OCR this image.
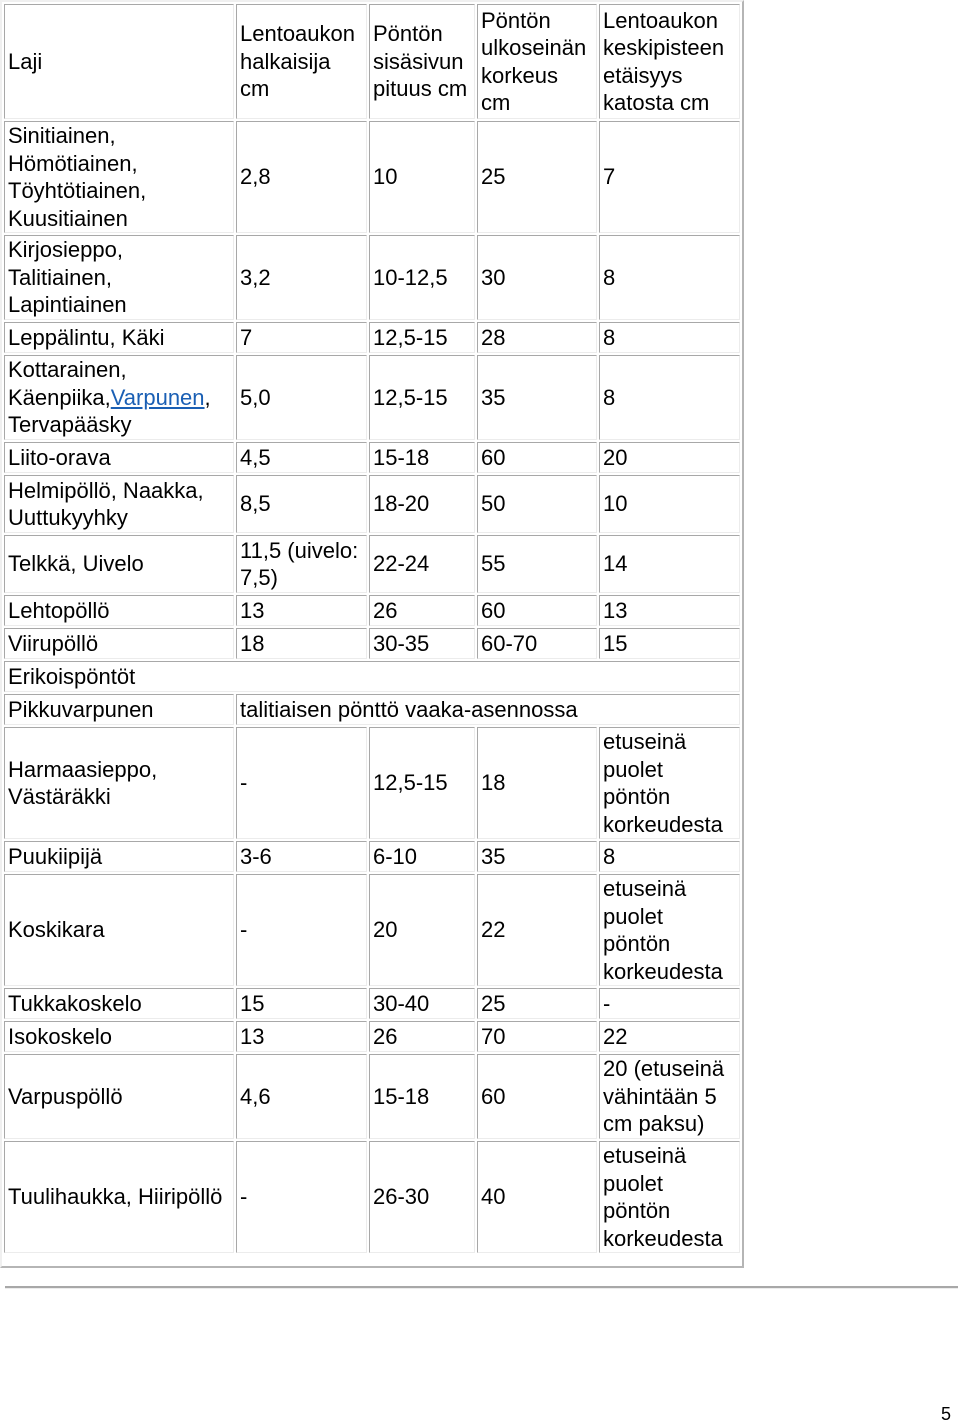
Laji	Lentoaukon halkaisija cm	Pöntön sisäsivun pituus cm	Pöntön ulkoseinän korkeus cm	Lentoaukon keskipisteen etäisyys katosta cm
Sinitiainen, Hömötiainen, Töyhtötiainen, Kuusitiainen	2,8	10	25	7
Kirjosieppo, Talitiainen, Lapintiainen	3,2	10-12,5	30	8
Leppälintu, Käki	7	12,5-15	28	8
Kottarainen, Käenpiika,Varpunen, Tervapääsky	5,0	12,5-15	35	8
Liito-orava	4,5	15-18	60	20
Helmipöllö, Naakka, Uuttukyyhky	8,5	18-20	50	10
Telkkä, Uivelo	11,5 (uivelo: 7,5)	22-24	55	14
Lehtopöllö	13	26	60	13
Viirupöllö	18	30-35	60-70	15
Erikoispöntöt				
Pikkuvarpunen	talitiaisen pönttö vaaka-asennossa			
Harmaasieppo, Västäräkki	-	12,5-15	18	etuseinä puolet pöntön korkeudesta
Puukiipijä	3-6	6-10	35	8
Koskikara	-	20	22	etuseinä puolet pöntön korkeudesta
Tukkakoskelo	15	30-40	25	-
Isokoskelo	13	26	70	22
Varpuspöllö	4,6	15-18	60	20 (etuseinä vähintään 5 cm paksu)
Tuulihaukka, Hiiripöllö	-	26-30	40	etuseinä puolet pöntön korkeudesta
5
